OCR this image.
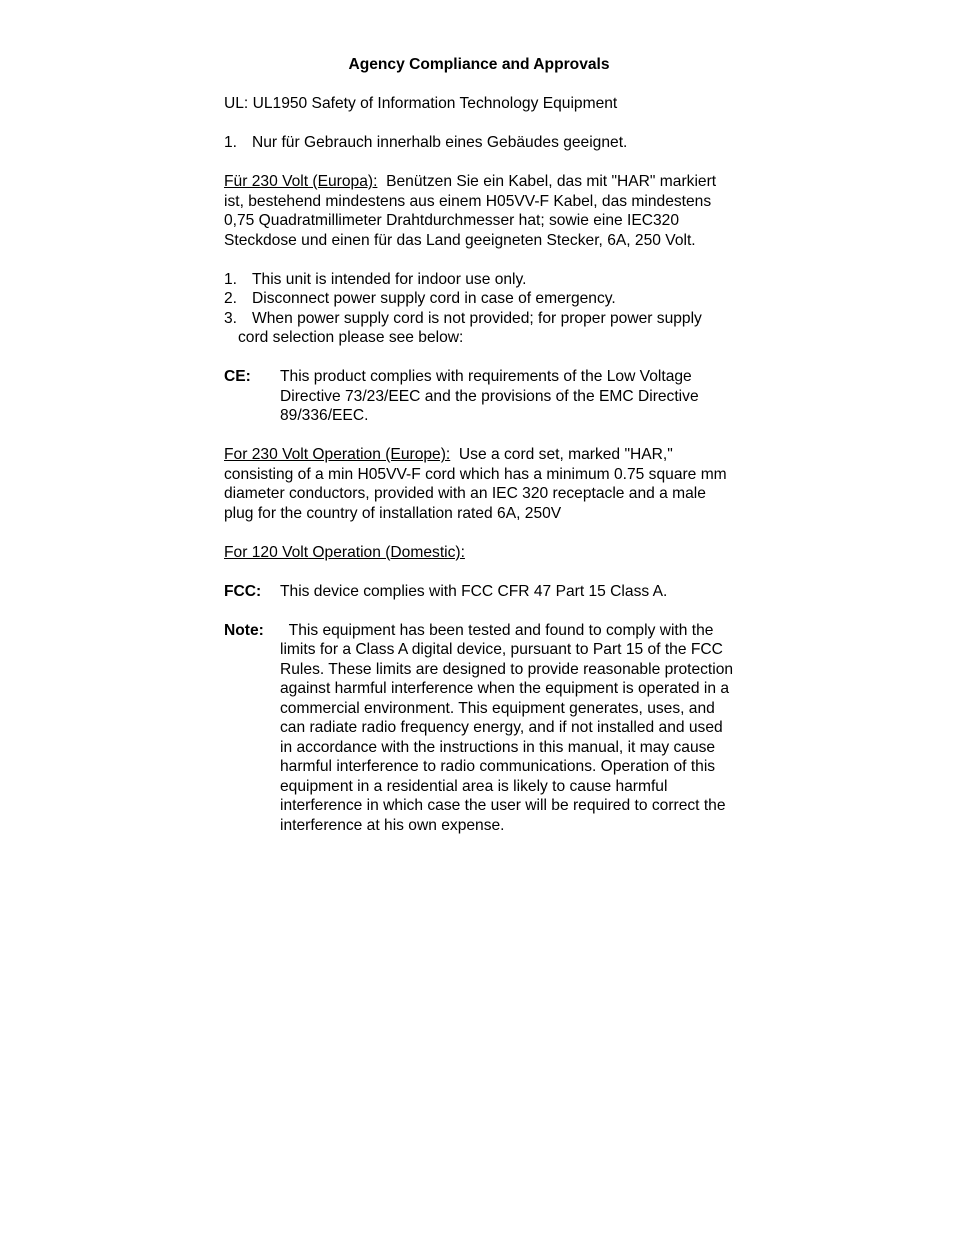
Agency Compliance and Approvals
UL: UL1950 Safety of Information Technology Equipment
1. Nur für Gebrauch innerhalb eines Gebäudes geeignet.
Für 230 Volt (Europa): Benützen Sie ein Kabel, das mit "HAR" markiert ist, bestehend mindestens aus einem H05VV-F Kabel, das mindestens 0,75 Quadratmillimeter Drahtdurchmesser hat; sowie eine IEC320 Steckdose und einen für das Land geeigneten Stecker, 6A, 250 Volt.
1. This unit is intended for indoor use only.
2. Disconnect power supply cord in case of emergency.
3. When power supply cord is not provided; for proper power supply
cord selection please see below:
CE:	This product complies with requirements of the Low Voltage Directive 73/23/EEC and the provisions of the EMC Directive 89/336/EEC.
For 230 Volt Operation (Europe): Use a cord set, marked "HAR," consisting of a min H05VV-F cord which has a minimum 0.75 square mm diameter conductors, provided with an IEC 320 receptacle and a male plug for the country of installation rated 6A, 250V
For 120 Volt Operation (Domestic):
FCC:	This device complies with FCC CFR 47 Part 15 Class A.
Note:	This equipment has been tested and found to comply with the limits for a Class A digital device, pursuant to Part 15 of the FCC Rules. These limits are designed to provide reasonable protection against harmful interference when the equipment is operated in a commercial environment. This equipment generates, uses, and can radiate radio frequency energy, and if not installed and used in accordance with the instructions in this manual, it may cause harmful interference to radio communications. Operation of this equipment in a residential area is likely to cause harmful interference in which case the user will be required to correct the interference at his own expense.
